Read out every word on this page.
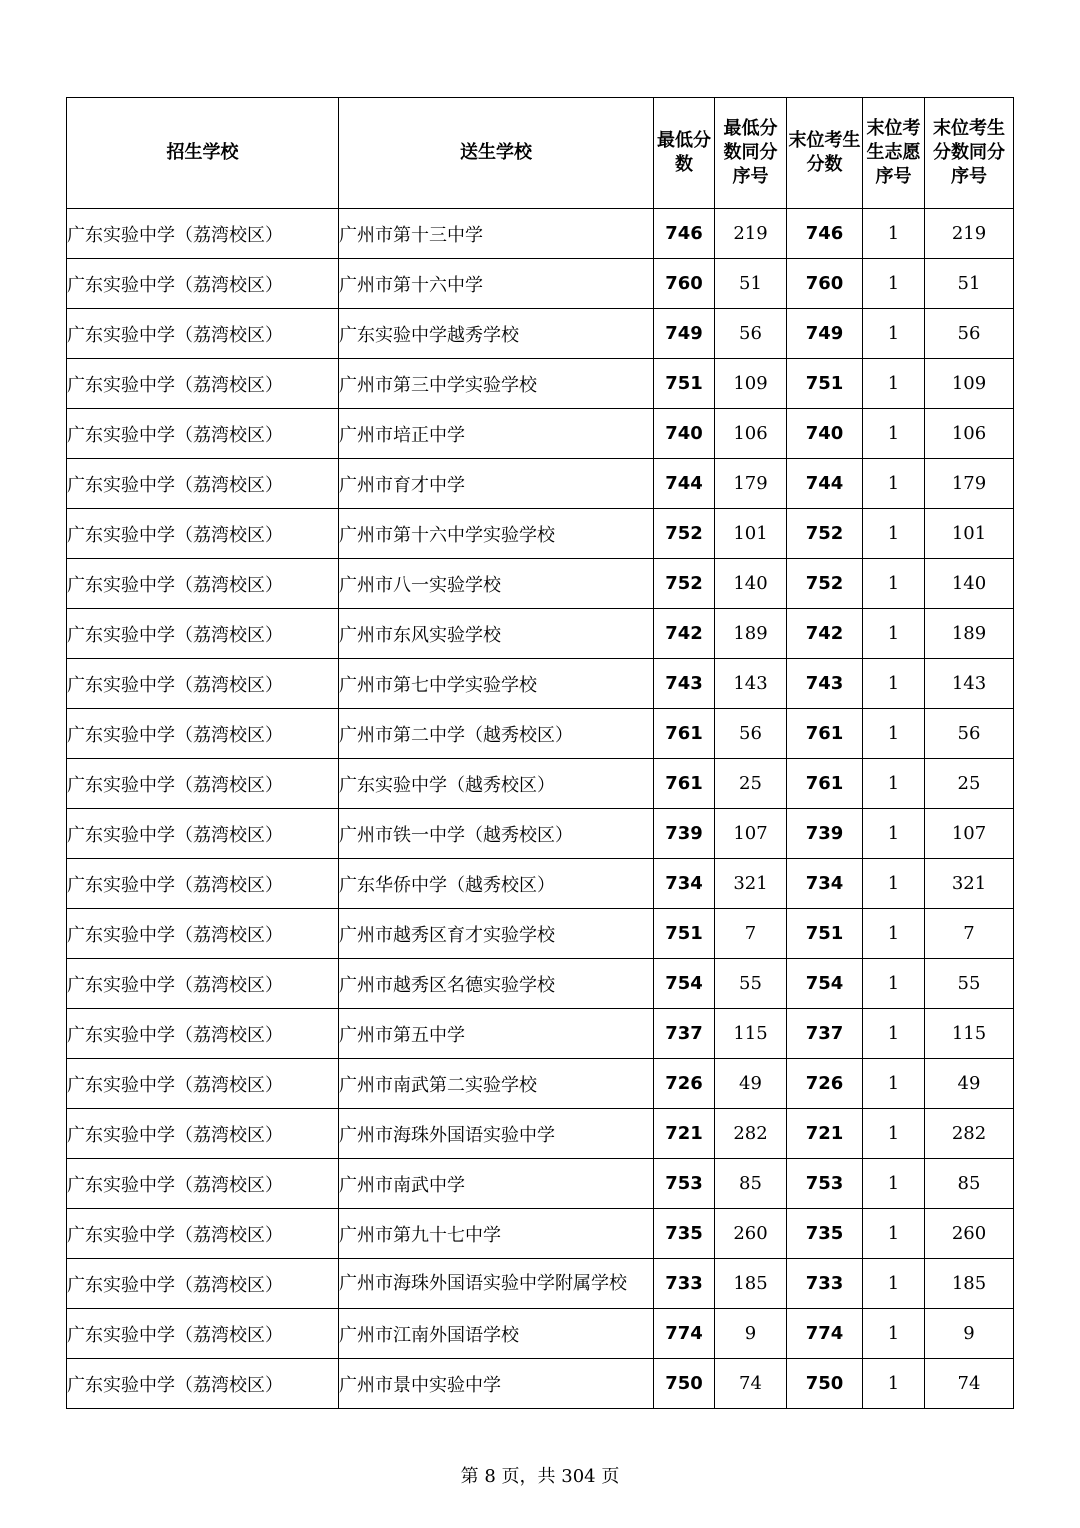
招生学校	送生学校	最低分数	最低分数同分序号	末位考生分数	末位考生志愿序号	末位考生分数同分序号
广东实验中学（荔湾校区）	广州市第十三中学	746	219	746	1	219
广东实验中学（荔湾校区）	广州市第十六中学	760	51	760	1	51
广东实验中学（荔湾校区）	广东实验中学越秀学校	749	56	749	1	56
广东实验中学（荔湾校区）	广州市第三中学实验学校	751	109	751	1	109
广东实验中学（荔湾校区）	广州市培正中学	740	106	740	1	106
广东实验中学（荔湾校区）	广州市育才中学	744	179	744	1	179
广东实验中学（荔湾校区）	广州市第十六中学实验学校	752	101	752	1	101
广东实验中学（荔湾校区）	广州市八一实验学校	752	140	752	1	140
广东实验中学（荔湾校区）	广州市东风实验学校	742	189	742	1	189
广东实验中学（荔湾校区）	广州市第七中学实验学校	743	143	743	1	143
广东实验中学（荔湾校区）	广州市第二中学（越秀校区）	761	56	761	1	56
广东实验中学（荔湾校区）	广东实验中学（越秀校区）	761	25	761	1	25
广东实验中学（荔湾校区）	广州市铁一中学（越秀校区）	739	107	739	1	107
广东实验中学（荔湾校区）	广东华侨中学（越秀校区）	734	321	734	1	321
广东实验中学（荔湾校区）	广州市越秀区育才实验学校	751	7	751	1	7
广东实验中学（荔湾校区）	广州市越秀区名德实验学校	754	55	754	1	55
广东实验中学（荔湾校区）	广州市第五中学	737	115	737	1	115
广东实验中学（荔湾校区）	广州市南武第二实验学校	726	49	726	1	49
广东实验中学（荔湾校区）	广州市海珠外国语实验中学	721	282	721	1	282
广东实验中学（荔湾校区）	广州市南武中学	753	85	753	1	85
广东实验中学（荔湾校区）	广州市第九十七中学	735	260	735	1	260
广东实验中学（荔湾校区）	广州市海珠外国语实验中学附属学校	733	185	733	1	185
广东实验中学（荔湾校区）	广州市江南外国语学校	774	9	774	1	9
广东实验中学（荔湾校区）	广州市景中实验中学	750	74	750	1	74
第 8 页，共 304 页
